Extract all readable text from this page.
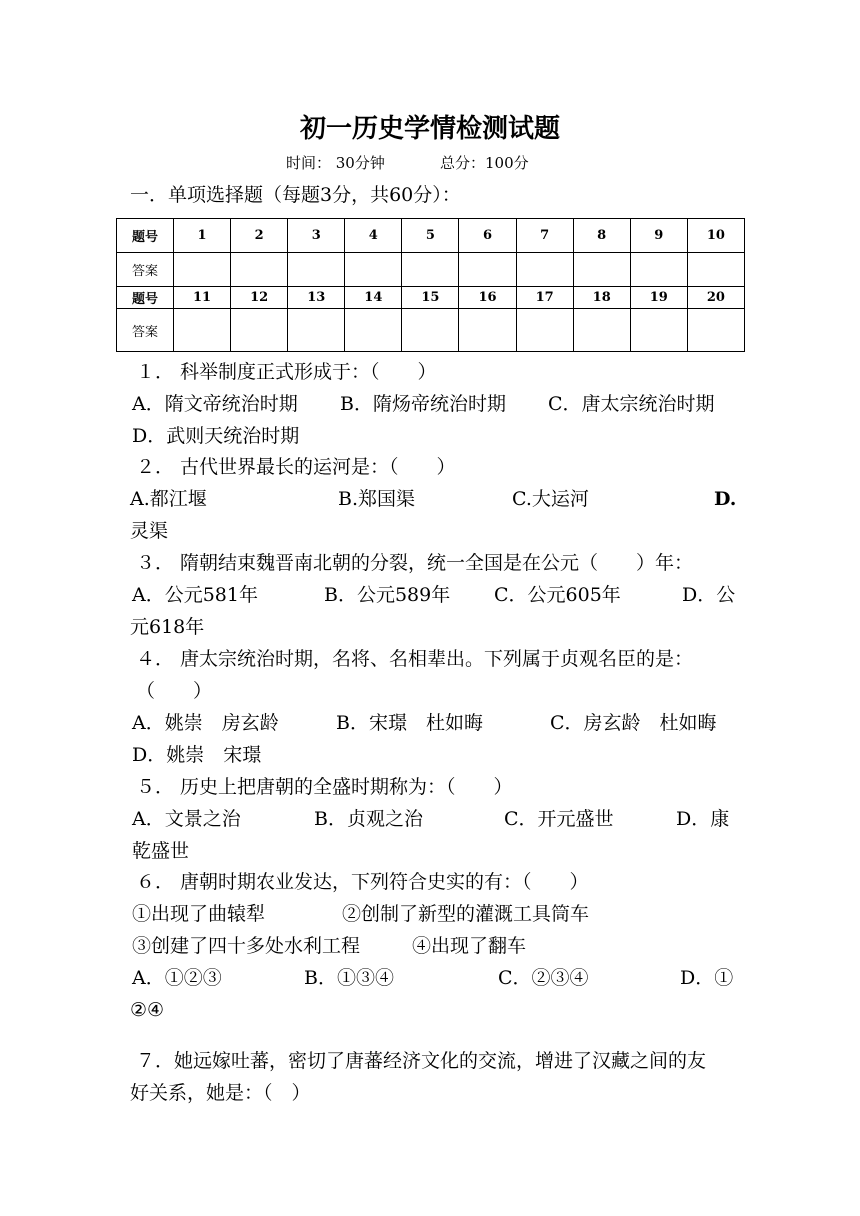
初一历史学情检测试题
时间： 30分钟	总分：100分
一．单项选择题（每题3分，共60分）：
题号	1	2	3	4	5	6	7	8	9	10
答案										
题号	11	12	13	14	15	16	17	18	19	20
答案										
１． 科举制度正式形成于：（　　）
A．隋文帝统治时期 B．隋炀帝统治时期 C．唐太宗统治时期
D．武则天统治时期
２． 古代世界最长的运河是：（　　）
A.都江堰	B.郑国渠	C.大运河	D.
灵渠
３． 隋朝结束魏晋南北朝的分裂，统一全国是在公元（　　）年：
A．公元581年	B．公元589年 C．公元605年	D．公
元618年
４． 唐太宗统治时期，名将、名相辈出。下列属于贞观名臣的是：
（　　）
A．姚崇　房玄龄	B．宋璟　杜如晦	C．房玄龄　杜如晦
D．姚崇　宋璟
５． 历史上把唐朝的全盛时期称为：（　　）
A．文景之治	B．贞观之治	C．开元盛世	D．康
乾盛世
６． 唐朝时期农业发达，下列符合史实的有：（　　）
①出现了曲辕犁	②创制了新型的灌溉工具筒车
③创建了四十多处水利工程	④出现了翻车
A．①②③	B．①③④	C．②③④	D．①
②④
７．她远嫁吐蕃，密切了唐蕃经济文化的交流，增进了汉藏之间的友
好关系，她是：（　）
